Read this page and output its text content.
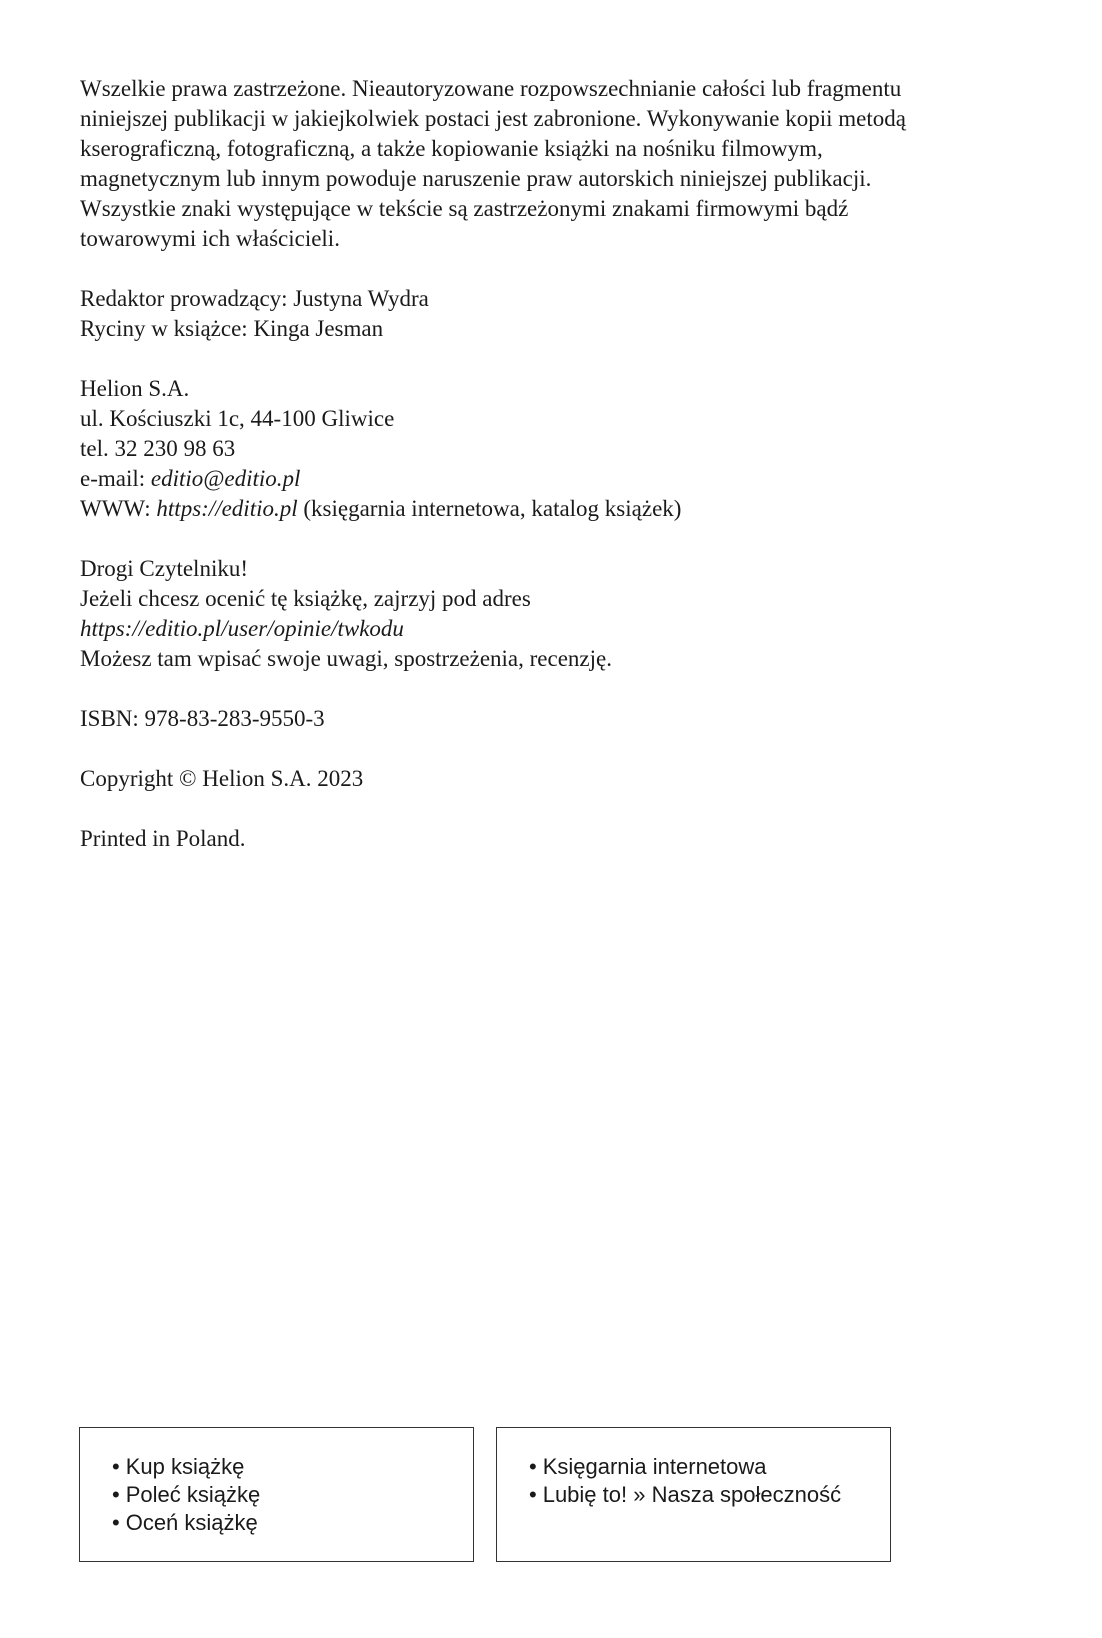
Wszelkie prawa zastrzeżone. Nieautoryzowane rozpowszechnianie całości lub fragmentu
niniejszej publikacji w jakiejkolwiek postaci jest zabronione. Wykonywanie kopii metodą
kserograficzną, fotograficzną, a także kopiowanie książki na nośniku filmowym,
magnetycznym lub innym powoduje naruszenie praw autorskich niniejszej publikacji.
Wszystkie znaki występujące w tekście są zastrzeżonymi znakami firmowymi bądź
towarowymi ich właścicieli.

Redaktor prowadzący: Justyna Wydra
Ryciny w książce: Kinga Jesman

Helion S.A.
ul. Kościuszki 1c, 44-100 Gliwice
tel. 32 230 98 63
e-mail: editio@editio.pl
WWW: https://editio.pl (księgarnia internetowa, katalog książek)

Drogi Czytelniku!
Jeżeli chcesz ocenić tę książkę, zajrzyj pod adres
https://editio.pl/user/opinie/twkodu
Możesz tam wpisać swoje uwagi, spostrzeżenia, recenzję.

ISBN: 978-83-283-9550-3

Copyright © Helion S.A. 2023

Printed in Poland.

• Kup książkę
• Poleć książkę
• Oceń książkę
• Księgarnia internetowa
• Lubię to! » Nasza społeczność
